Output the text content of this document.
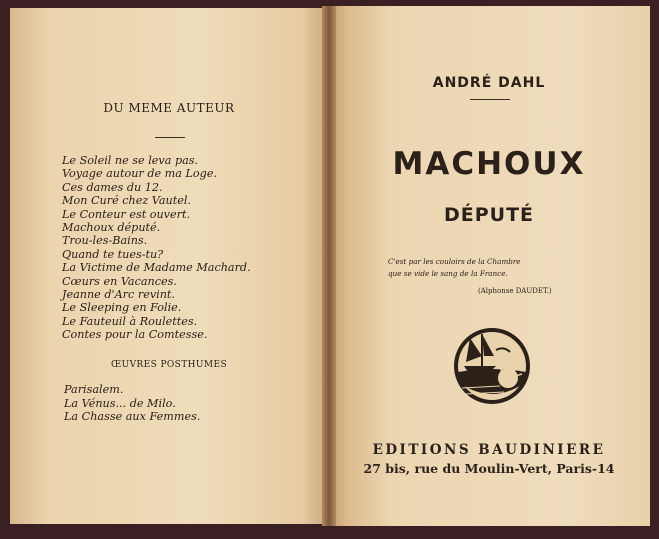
DU MEME AUTEUR
Le Soleil ne se leva pas.
Voyage autour de ma Loge.
Ces dames du 12.
Mon Curé chez Vautel.
Le Conteur est ouvert.
Machoux député.
Trou-les-Bains.
Quand te tues-tu?
La Victime de Madame Machard.
Cœurs en Vacances.
Jeanne d'Arc revint.
Le Sleeping en Folie.
Le Fauteuil à Roulettes.
Contes pour la Comtesse.
ŒUVRES POSTHUMES
Parisalem.
La Vénus... de Milo.
La Chasse aux Femmes.
ANDRÉ DAHL
MACHOUX
DÉPUTÉ
C'est par les couloirs de la Chambre
que se vide le sang de la France.
(Alphonse DAUDET.)
EDITIONS BAUDINIERE
27 bis, rue du Moulin-Vert, Paris-14
